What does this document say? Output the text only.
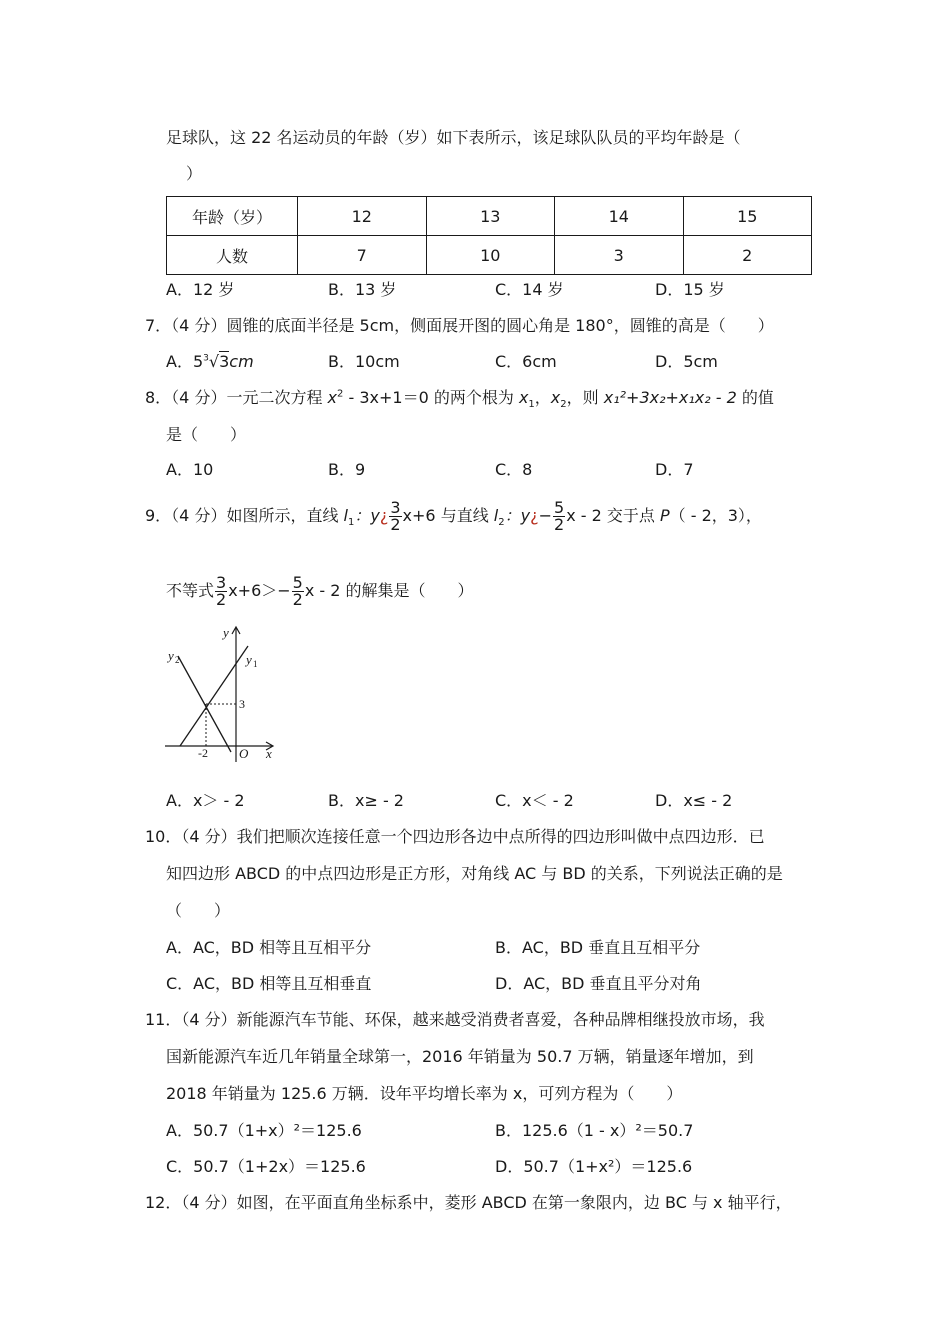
足球队，这 22 名运动员的年龄（岁）如下表所示，该足球队队员的平均年龄是（
）
年龄（岁）	12	13	14	15
人数	7	10	3	2
A．12 岁	B．13 岁	C．14 岁	D．15 岁
7．（4 分）圆锥的底面半径是 5cm，侧面展开图的圆心角是 180°，圆锥的高是（　　）
A．$5^3√3cm$	B．10cm	C．6cm	D．5cm
8．（4 分）一元二次方程 $x^2 - 3x+1=0$ 的两个根为 $x_1$，$x_2$，则 x₁²+3x₂+x₁x₂ - 2 的值
是（　　）
A．10	B．9	C．8	D．7
9．（4 分）如图所示，直线 $l_1$：y¿ $\frac{3}{2} x+6$ 与直线 $l_2$：y¿− $\frac{5}{2}$ x - 2 交于点 P（ - 2，3），
不等式 $\frac{3}{2} x+6>- \frac{5}{2}$ x - 2 的解集是（　　）
y
x
O
y 1
y 2
3
-2
A．x＞ - 2	B．x≥ - 2	C．x＜ - 2	D．x≤ - 2
10．（4 分）我们把顺次连接任意一个四边形各边中点所得的四边形叫做中点四边形．已
知四边形 ABCD 的中点四边形是正方形，对角线 AC 与 BD 的关系，下列说法正确的是
（　　）
A．AC，BD 相等且互相平分	B．AC，BD 垂直且互相平分
C．AC，BD 相等且互相垂直	D．AC，BD 垂直且平分对角
11．（4 分）新能源汽车节能、环保，越来越受消费者喜爱，各种品牌相继投放市场，我
国新能源汽车近几年销量全球第一，2016 年销量为 50.7 万辆，销量逐年增加，到
2018 年销量为 125.6 万辆．设年平均增长率为 x，可列方程为（　　）
A．50.7（1+x）²＝125.6	B．125.6（1 - x）²＝50.7
C．50.7（1+2x）＝125.6	D．50.7（1+x²）＝125.6
12．（4 分）如图，在平面直角坐标系中，菱形 ABCD 在第一象限内，边 BC 与 x 轴平行，
